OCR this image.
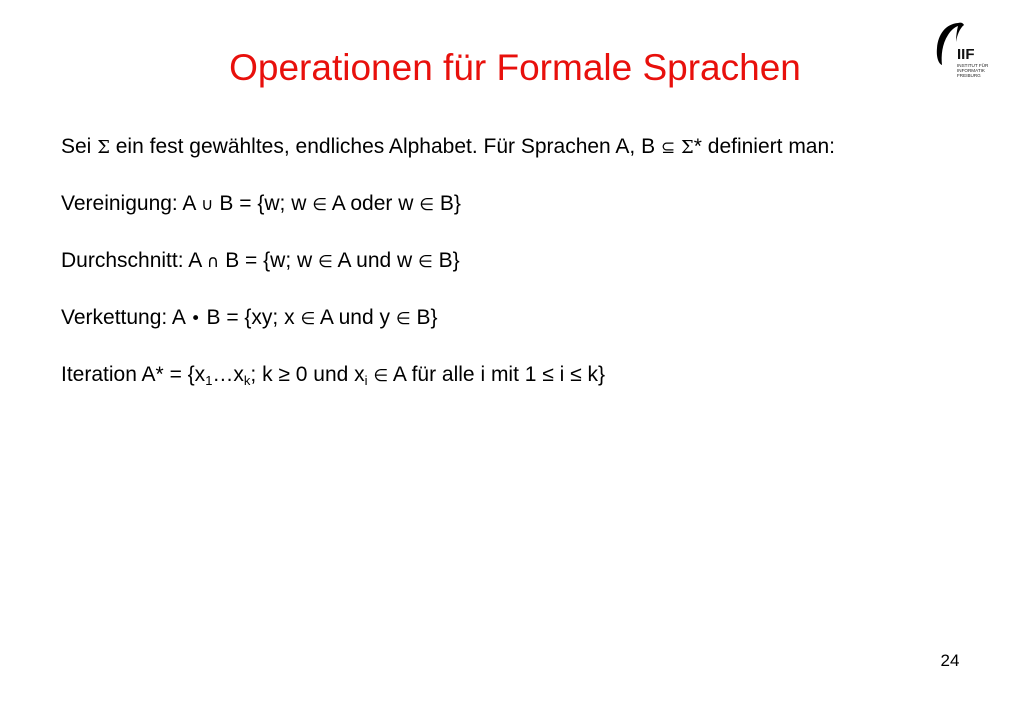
Operationen für Formale Sprachen	IIF
INSTITUT FÜR
INFORMATIK
FREIBURG

Sei Σ ein fest gewähltes, endliches Alphabet. Für Sprachen A, B ⊆ Σ* definiert man:

Vereinigung: A ∪ B = {w; w ∈ A oder w ∈ B}

Durchschnitt: A ∩ B = {w; w ∈ A und w ∈ B}

Verkettung: A • B = {xy; x ∈ A und y ∈ B}

Iteration $A* = \{x_1\dots x_k$; k ≥ 0 und $x_i$ ∈ A für alle i mit 1 ≤ i ≤ k}

24
